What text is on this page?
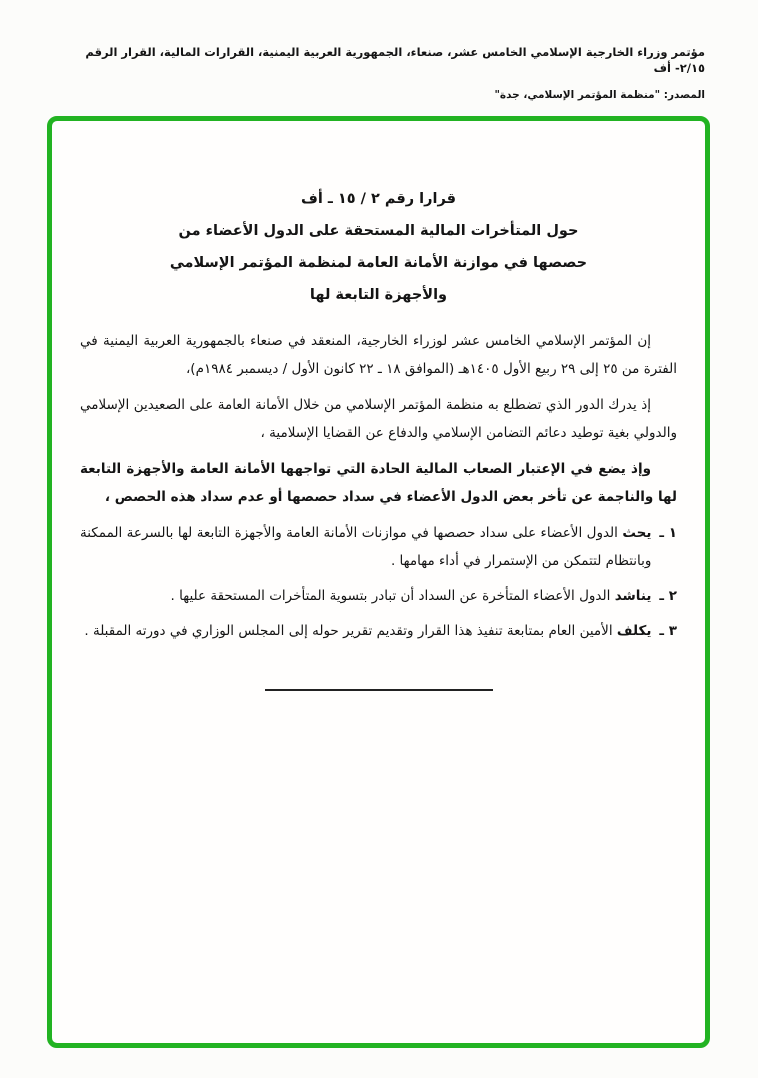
مؤتمر وزراء الخارجية الإسلامي الخامس عشر، صنعاء، الجمهورية العربية اليمنية، القرارات المالية، القرار الرقم ٢/١٥- أف
المصدر: "منظمة المؤتمر الإسلامي، جدة"
قرارا رقم ٢ / ١٥ ـ أف
حول المتأخرات المالية المستحقة على الدول الأعضاء من
حصصها في موازنة الأمانة العامة لمنظمة المؤتمر الإسلامي
والأجهزة التابعة لها

إن المؤتمر الإسلامي الخامس عشر لوزراء الخارجية، المنعقد في صنعاء بالجمهورية العربية اليمنية في الفترة من ٢٥ إلى ٢٩ ربيع الأول ١٤٠٥هـ (الموافق ١٨ ـ ٢٢ كانون الأول / ديسمبر ١٩٨٤م)،

إذ يدرك الدور الذي تضطلع به منظمة المؤتمر الإسلامي من خلال الأمانة العامة على الصعيدين الإسلامي والدولي بغية توطيد دعائم التضامن الإسلامي والدفاع عن القضايا الإسلامية ،

وإذ يضع في الإعتبار الصعاب المالية الحادة التي تواجهها الأمانة العامة والأجهزة التابعة لها والناجمة عن تأخر بعض الدول الأعضاء في سداد حصصها أو عدم سداد هذه الحصص ،

١ ـ
يحث الدول الأعضاء على سداد حصصها في موازنات الأمانة العامة والأجهزة التابعة لها بالسرعة الممكنة وبانتظام لتتمكن من الإستمرار في أداء مهامها .
٢ ـ
يناشد الدول الأعضاء المتأخرة عن السداد أن تبادر بتسوية المتأخرات المستحقة عليها .
٣ ـ
يكلف الأمين العام بمتابعة تنفيذ هذا القرار وتقديم تقرير حوله إلى المجلس الوزاري في دورته المقبلة .
